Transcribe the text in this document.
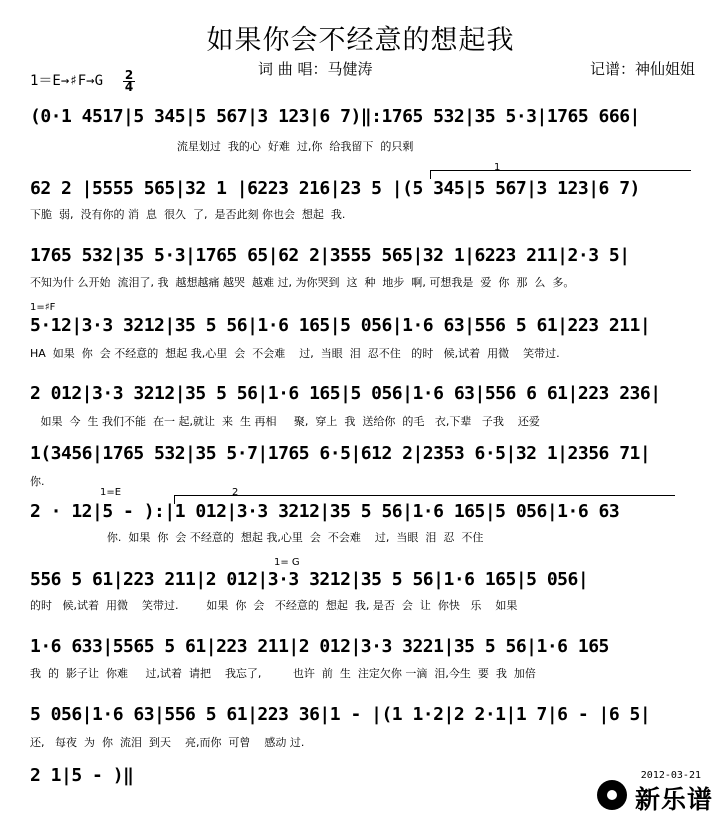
如果你会不经意的想起我
词 曲 唱：马健涛	记谱：神仙姐姐
1＝E→♯F→G 2
4
(0·1 4517|5 345|5 567|3 123|6 7)‖:1765 532|35 5·3|1765 666|
流星划过  我的心  好难  过,你  给我留下  的只剩
1
62 2 |5555 565|32 1 |6223 216|23 5 |(5 345|5 567|3 123|6 7)
下脆  弱,  没有你的 消  息  很久  了,  是否此刻 你也会  想起  我.
1765 532|35 5·3|1765 65|62 2|3555 565|32 1|6223 211|2·3 5|
不知为什 么开始  流泪了, 我  越想越痛 越哭  越难 过, 为你哭到  这  种  地步  啊, 可想我是  爱  你  那  么  多。
1=♯F
5·12|3·3 3212|35 5 56|1·6 165|5 056|1·6 63|556 5 61|223 211|
HA  如果  你  会 不经意的  想起 我,心里  会  不会难    过,  当眼  泪  忍不住   的时   候,试着  用微    笑带过.
2 012|3·3 3212|35 5 56|1·6 165|5 056|1·6 63|556 6 61|223 236|
如果  今  生 我们不能  在一 起,就让  来  生 再相     聚,  穿上  我  送给你  的毛   衣,下辈   子我    还爱
1(3456|1765 532|35 5·7|1765 6·5|612 2|2353 6·5|32 1|2356 71|
你.
1=E	2
2 · 12|5 - ):|1 012|3·3 3212|35 5 56|1·6 165|5 056|1·6 63
你.  如果  你  会 不经意的  想起 我,心里  会  不会难    过,  当眼  泪  忍  不住
1= G
556 5 61|223 211|2 012|3·3 3212|35 5 56|1·6 165|5 056|
的时   候,试着  用微    笑带过.        如果  你  会   不经意的  想起  我, 是否  会  让  你快   乐    如果
1·6 633|5565 5 61|223 211|2 012|3·3 3221|35 5 56|1·6 165
我  的  影子让  你难     过,试着  请把    我忘了,         也许  前  生  注定欠你 一滴  泪,今生  要  我  加倍
5 056|1·6 63|556 5 61|223 36|1 - |(1 1·2|2 2·1|1 7|6 - |6 5|
还,   每夜  为  你  流泪  到天    亮,而你  可曾    感动 过.
2 1|5 - )‖	2012-03-21
新乐谱
